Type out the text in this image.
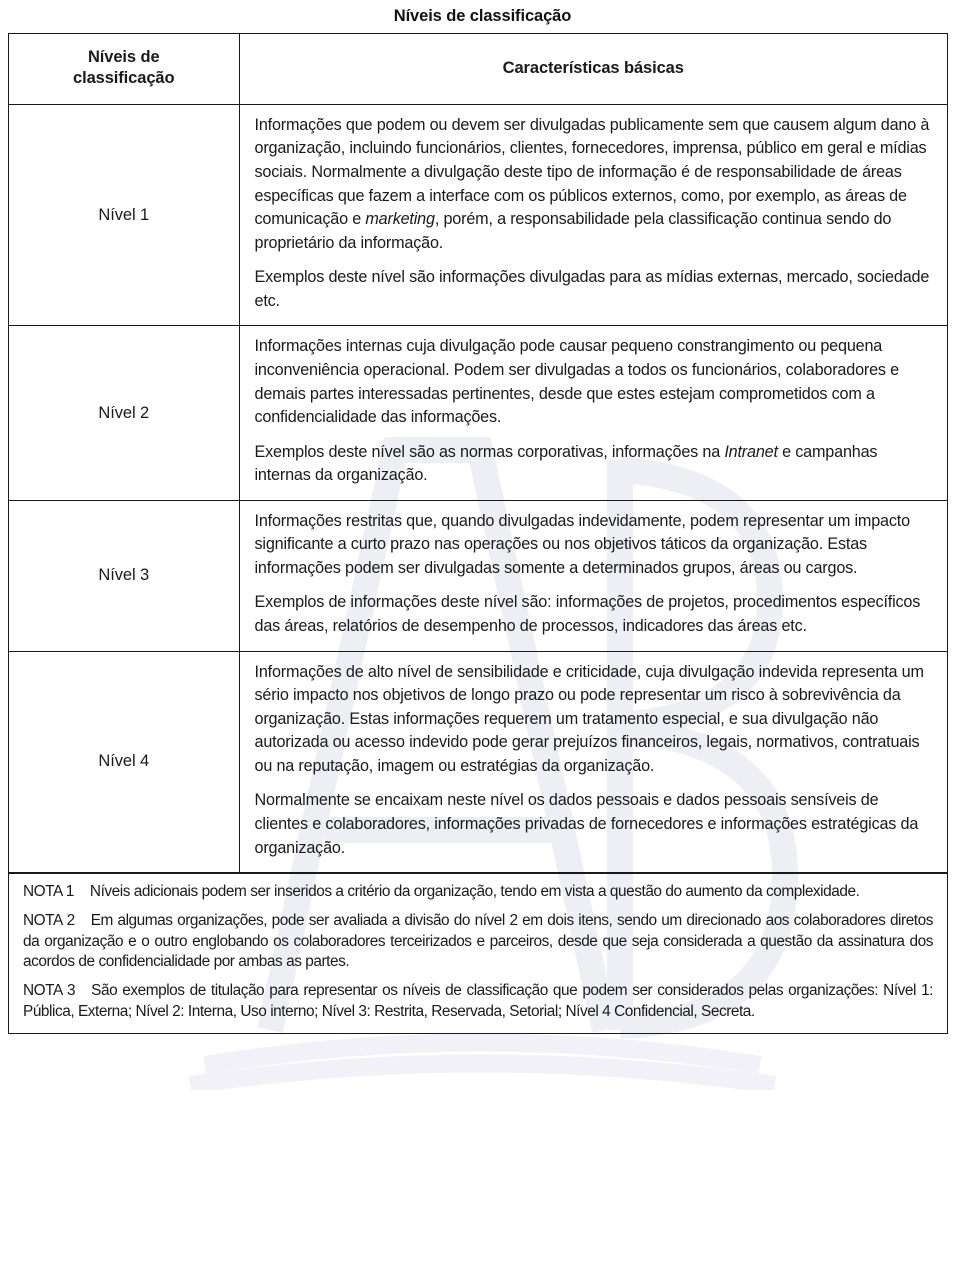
Níveis de classificação
Níveis de
classificação	Características básicas
Nível 1	Informações que podem ou devem ser divulgadas publicamente sem que causem algum dano à organização, incluindo funcionários, clientes, fornecedores, imprensa, público em geral e mídias sociais. Normalmente a divulgação deste tipo de informação é de responsabilidade de áreas específicas que fazem a interface com os públicos externos, como, por exemplo, as áreas de comunicação e marketing, porém, a responsabilidade pela classificação continua sendo do proprietário da informação.

Exemplos deste nível são informações divulgadas para as mídias externas, mercado, sociedade etc.

Nível 2	Informações internas cuja divulgação pode causar pequeno constrangimento ou pequena inconveniência operacional. Podem ser divulgadas a todos os funcionários, colaboradores e demais partes interessadas pertinentes, desde que estes estejam comprometidos com a confidencialidade das informações.

Exemplos deste nível são as normas corporativas, informações na Intranet e campanhas internas da organização.

Nível 3	Informações restritas que, quando divulgadas indevidamente, podem representar um impacto significante a curto prazo nas operações ou nos objetivos táticos da organização. Estas informações podem ser divulgadas somente a determinados grupos, áreas ou cargos.

Exemplos de informações deste nível são: informações de projetos, procedimentos específicos das áreas, relatórios de desempenho de processos, indicadores das áreas etc.

Nível 4	Informações de alto nível de sensibilidade e criticidade, cuja divulgação indevida representa um sério impacto nos objetivos de longo prazo ou pode representar um risco à sobrevivência da organização. Estas informações requerem um tratamento especial, e sua divulgação não autorizada ou acesso indevido pode gerar prejuízos financeiros, legais, normativos, contratuais ou na reputação, imagem ou estratégias da organização.

Normalmente se encaixam neste nível os dados pessoais e dados pessoais sensíveis de clientes e colaboradores, informações privadas de fornecedores e informações estratégicas da organização.

NOTA 1 Níveis adicionais podem ser inseridos a critério da organização, tendo em vista a questão do aumento da complexidade.

NOTA 2 Em algumas organizações, pode ser avaliada a divisão do nível 2 em dois itens, sendo um direcionado aos colaboradores diretos da organização e o outro englobando os colaboradores terceirizados e parceiros, desde que seja considerada a questão da assinatura dos acordos de confidencialidade por ambas as partes.

NOTA 3 São exemplos de titulação para representar os níveis de classificação que podem ser considerados pelas organizações: Nível 1: Pública, Externa; Nível 2: Interna, Uso interno; Nível 3: Restrita, Reservada, Setorial; Nível 4 Confidencial, Secreta.
